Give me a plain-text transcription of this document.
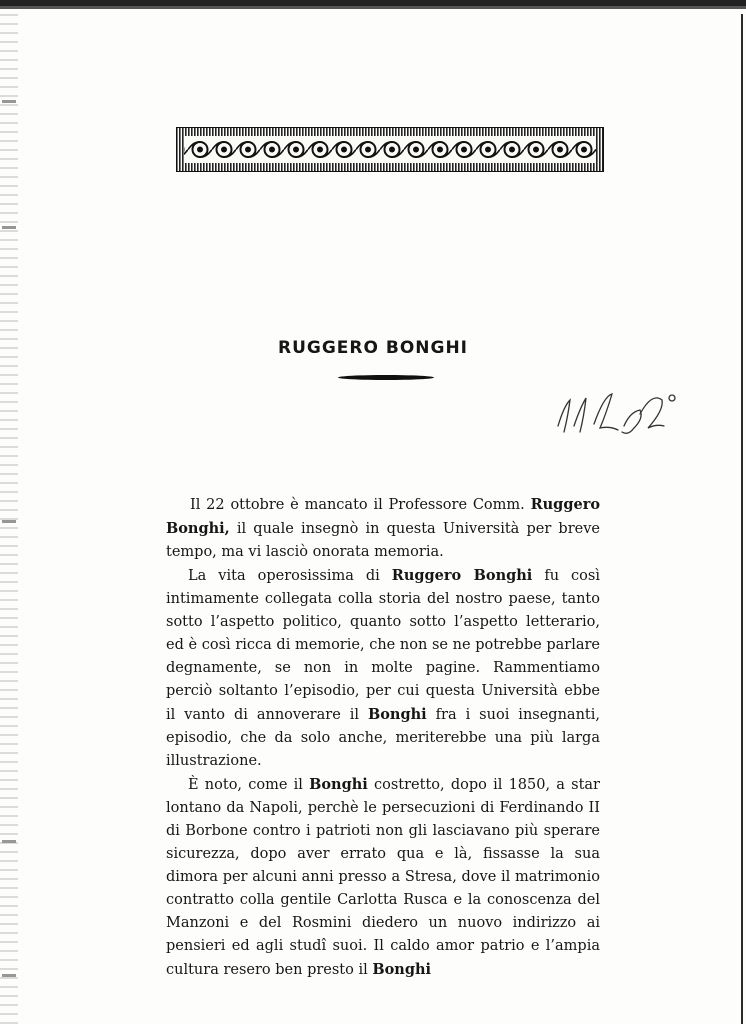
RUGGERO BONGHI

Il 22 ottobre è mancato il Professore Comm. Ruggero Bonghi, il quale insegnò in questa Università per breve tempo, ma vi lasciò onorata memoria.

La vita operosissima di Ruggero Bonghi fu così intimamente collegata colla storia del nostro paese, tanto sotto l’aspetto politico, quanto sotto l’aspetto letterario, ed è così ricca di memorie, che non se ne potrebbe parlare degnamente, se non in molte pagine. Rammentiamo perciò soltanto l’episodio, per cui questa Università ebbe il vanto di annoverare il Bonghi fra i suoi insegnanti, episodio, che da solo anche, meriterebbe una più larga illustrazione.

È noto, come il Bonghi costretto, dopo il 1850, a star lontano da Napoli, perchè le persecuzioni di Ferdinando II di Borbone contro i patrioti non gli lasciavano più sperare sicurezza, dopo aver errato qua e là, fissasse la sua dimora per alcuni anni presso a Stresa, dove il matrimonio contratto colla gentile Carlotta Rusca e la conoscenza del Manzoni e del Rosmini diedero un nuovo indirizzo ai pensieri ed agli studî suoi. Il caldo amor patrio e l’ampia cultura resero ben presto il Bonghi
